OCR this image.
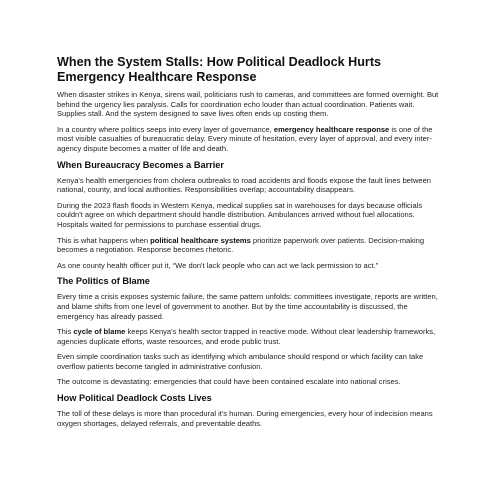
When the System Stalls: How Political Deadlock Hurts Emergency Healthcare Response

When disaster strikes in Kenya, sirens wail, politicians rush to cameras, and committees are formed overnight. But behind the urgency lies paralysis. Calls for coordination echo louder than actual coordination. Patients wait. Supplies stall. And the system designed to save lives often ends up costing them.

In a country where politics seeps into every layer of governance, emergency healthcare response is one of the most visible casualties of bureaucratic delay. Every minute of hesitation, every layer of approval, and every inter-agency dispute becomes a matter of life and death.

When Bureaucracy Becomes a Barrier

Kenya's health emergencies from cholera outbreaks to road accidents and floods expose the fault lines between national, county, and local authorities. Responsibilities overlap; accountability disappears.

During the 2023 flash floods in Western Kenya, medical supplies sat in warehouses for days because officials couldn't agree on which department should handle distribution. Ambulances arrived without fuel allocations. Hospitals waited for permissions to purchase essential drugs.

This is what happens when political healthcare systems prioritize paperwork over patients. Decision-making becomes a negotiation. Response becomes rhetoric.

As one county health officer put it, “We don't lack people who can act we lack permission to act.”

The Politics of Blame

Every time a crisis exposes systemic failure, the same pattern unfolds: committees investigate, reports are written, and blame shifts from one level of government to another. But by the time accountability is discussed, the emergency has already passed.

This cycle of blame keeps Kenya's health sector trapped in reactive mode. Without clear leadership frameworks, agencies duplicate efforts, waste resources, and erode public trust.

Even simple coordination tasks such as identifying which ambulance should respond or which facility can take overflow patients become tangled in administrative confusion.

The outcome is devastating: emergencies that could have been contained escalate into national crises.

How Political Deadlock Costs Lives

The toll of these delays is more than procedural it's human. During emergencies, every hour of indecision means oxygen shortages, delayed referrals, and preventable deaths.
